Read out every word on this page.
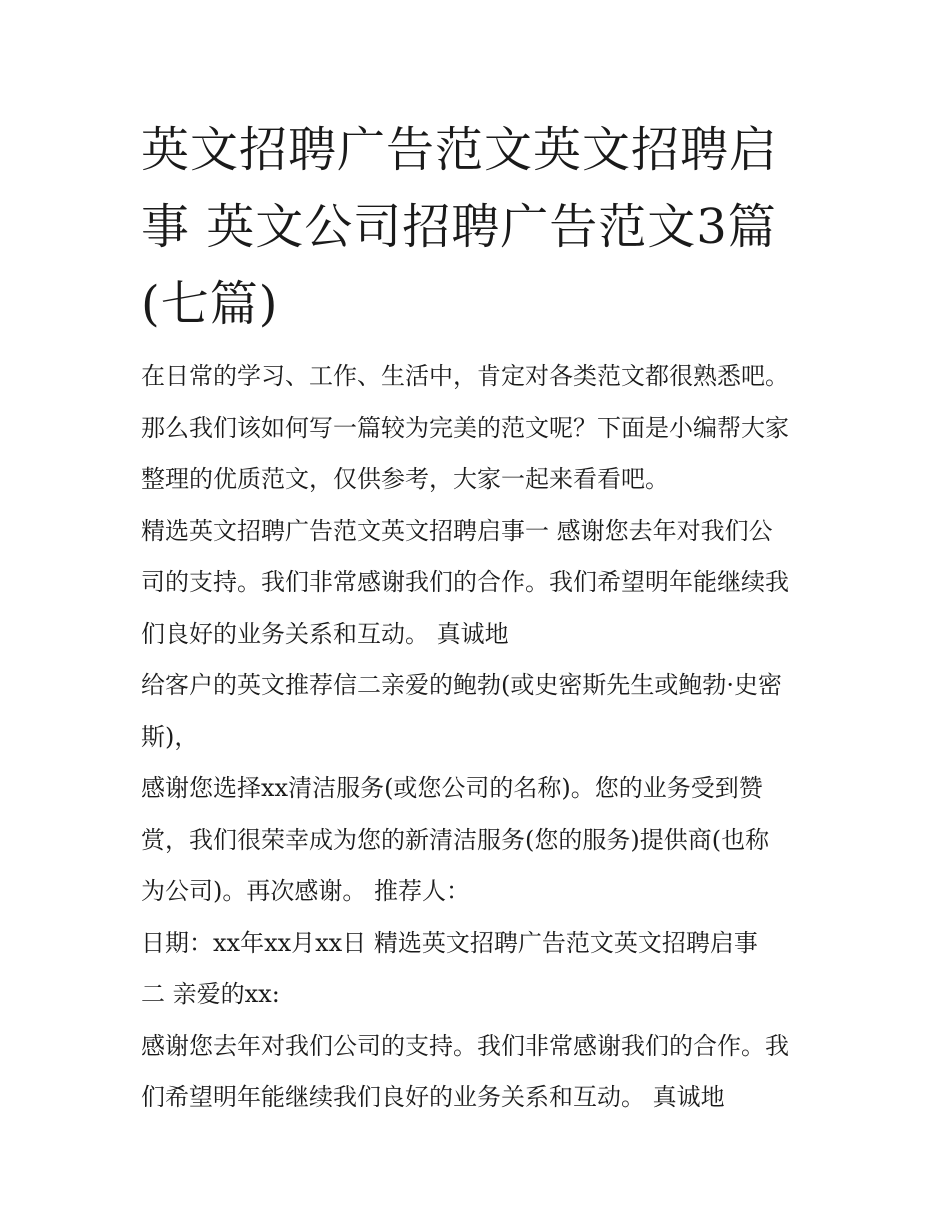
英文招聘广告范文英文招聘启
事 英文公司招聘广告范文3篇
(七篇)

在日常的学习、工作、生活中，肯定对各类范文都很熟悉吧。
那么我们该如何写一篇较为完美的范文呢？下面是小编帮大家
整理的优质范文，仅供参考，大家一起来看看吧。

精选英文招聘广告范文英文招聘启事一 感谢您去年对我们公
司的支持。我们非常感谢我们的合作。我们希望明年能继续我
们良好的业务关系和互动。 真诚地

给客户的英文推荐信二亲爱的鲍勃(或史密斯先生或鲍勃·史密
斯)，

感谢您选择xx清洁服务(或您公司的名称)。您的业务受到赞
赏，我们很荣幸成为您的新清洁服务(您的服务)提供商(也称
为公司)。再次感谢。 推荐人：

日期：xx年xx月xx日 精选英文招聘广告范文英文招聘启事
二 亲爱的xx:

感谢您去年对我们公司的支持。我们非常感谢我们的合作。我
们希望明年能继续我们良好的业务关系和互动。 真诚地
